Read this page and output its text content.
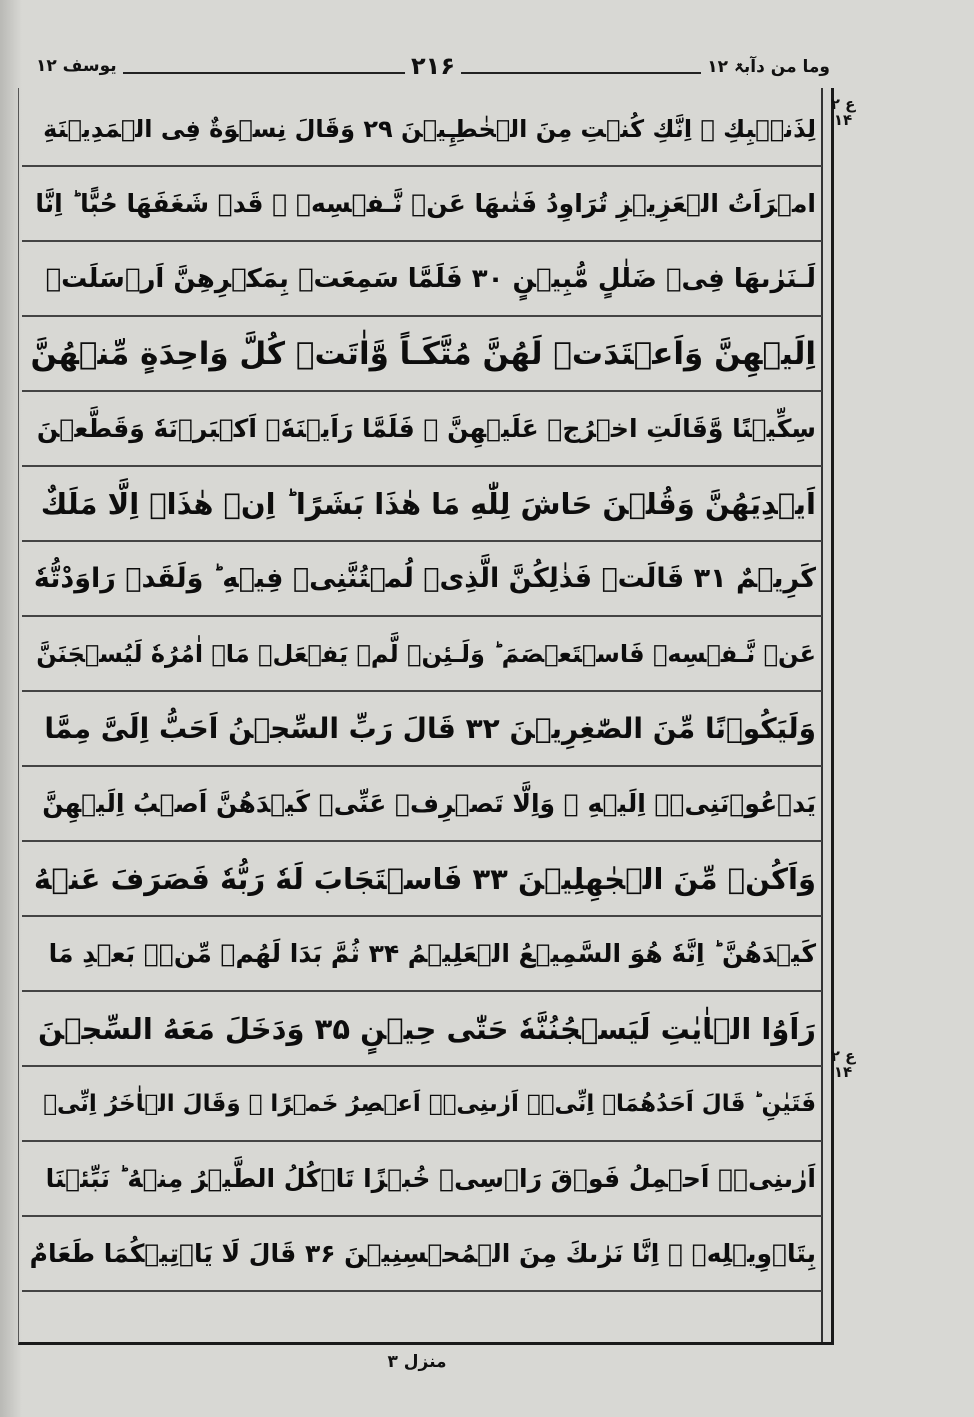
وما من دآبۃ ۱۲
۲۱۶
یوسف ۱۲
ع ۲ ۱۴
ع ۲ ۱۴
لِذَنۡۢبِكِ ۖ اِنَّكِ كُنۡتِ مِنَ الۡخٰطِـِٕيۡنَ ۲۹ وَقَالَ نِسۡوَةٌ فِى الۡمَدِيۡنَةِ
امۡرَاَتُ الۡعَزِيۡزِ تُرَاوِدُ فَتٰٮهَا عَنۡ نَّـفۡسِهٖ‌ ۚ قَدۡ شَغَفَهَا حُبًّا ؕ اِنَّا
لَـنَرٰٮهَا فِىۡ ضَلٰلٍ مُّبِيۡنٍ ۳۰ فَلَمَّا سَمِعَتۡ بِمَكۡرِهِنَّ اَرۡسَلَتۡ
اِلَيۡهِنَّ وَاَعۡتَدَتۡ لَهُنَّ مُتَّكَـاً وَّاٰتَتۡ كُلَّ وَاحِدَةٍ مِّنۡهُنَّ
سِكِّيۡنًا وَّقَالَتِ اخۡرُجۡ عَلَيۡهِنَّ‌ ۚ فَلَمَّا رَاَيۡنَهٗۤ اَكۡبَرۡنَهٗ وَقَطَّعۡنَ
اَيۡدِيَهُنَّ وَقُلۡنَ حَاشَ لِلّٰهِ مَا هٰذَا بَشَرًا ؕ اِنۡ هٰذَاۤ اِلَّا مَلَكٌ
كَرِيۡمٌ ۳۱ قَالَتۡ فَذٰلِكُنَّ الَّذِىۡ لُمۡتُنَّنِىۡ فِيۡهِ‌ ؕ وَلَقَدۡ رَاوَدْتُّهٗ
عَنۡ نَّـفۡسِهٖ فَاسۡتَعۡصَمَ‌ ؕ وَلَـئِنۡ لَّمۡ يَفۡعَلۡ مَاۤ اٰمُرُهٗ لَيُسۡجَنَنَّ
وَلَيَكُوۡنًا مِّنَ الصّٰغِرِيۡنَ ۳۲ قَالَ رَبِّ السِّجۡنُ اَحَبُّ اِلَىَّ مِمَّا
يَدۡعُوۡنَنِىۡۤ اِلَيۡهِ‌ ۚ وَاِلَّا تَصۡرِفۡ عَنِّىۡ كَيۡدَهُنَّ اَصۡبُ اِلَيۡهِنَّ
وَاَكُنۡ مِّنَ الۡجٰهِلِيۡنَ ۳۳ فَاسۡتَجَابَ لَهٗ رَبُّهٗ فَصَرَفَ عَنۡهُ
كَيۡدَهُنَّ‌ ؕ اِنَّهٗ هُوَ السَّمِيۡعُ الۡعَلِيۡمُ ۳۴ ثُمَّ بَدَا لَهُمۡ مِّنۡۢ بَعۡدِ مَا
رَاَوُا الۡاٰيٰتِ لَيَسۡجُنُنَّهٗ حَتّٰى حِيۡنٍ ۳۵ وَدَخَلَ مَعَهُ السِّجۡنَ
فَتَيٰنِ‌ ؕ قَالَ اَحَدُهُمَاۤ اِنِّىۡۤ اَرٰٮنِىۡۤ اَعۡصِرُ خَمۡرًا‌ ۚ وَقَالَ الۡاٰخَرُ اِنِّىۡ
اَرٰٮنِىۡۤ اَحۡمِلُ فَوۡقَ رَاۡسِىۡ خُبۡزًا تَاۡكُلُ الطَّيۡرُ مِنۡهُ‌ ؕ نَبِّئۡنَا
بِتَاۡوِيۡلِهٖ‌ ۚ اِنَّا نَرٰٮكَ مِنَ الۡمُحۡسِنِيۡنَ ۳۶ قَالَ لَا يَاۡتِيۡكُمَا طَعَامٌ
منزل ۳
